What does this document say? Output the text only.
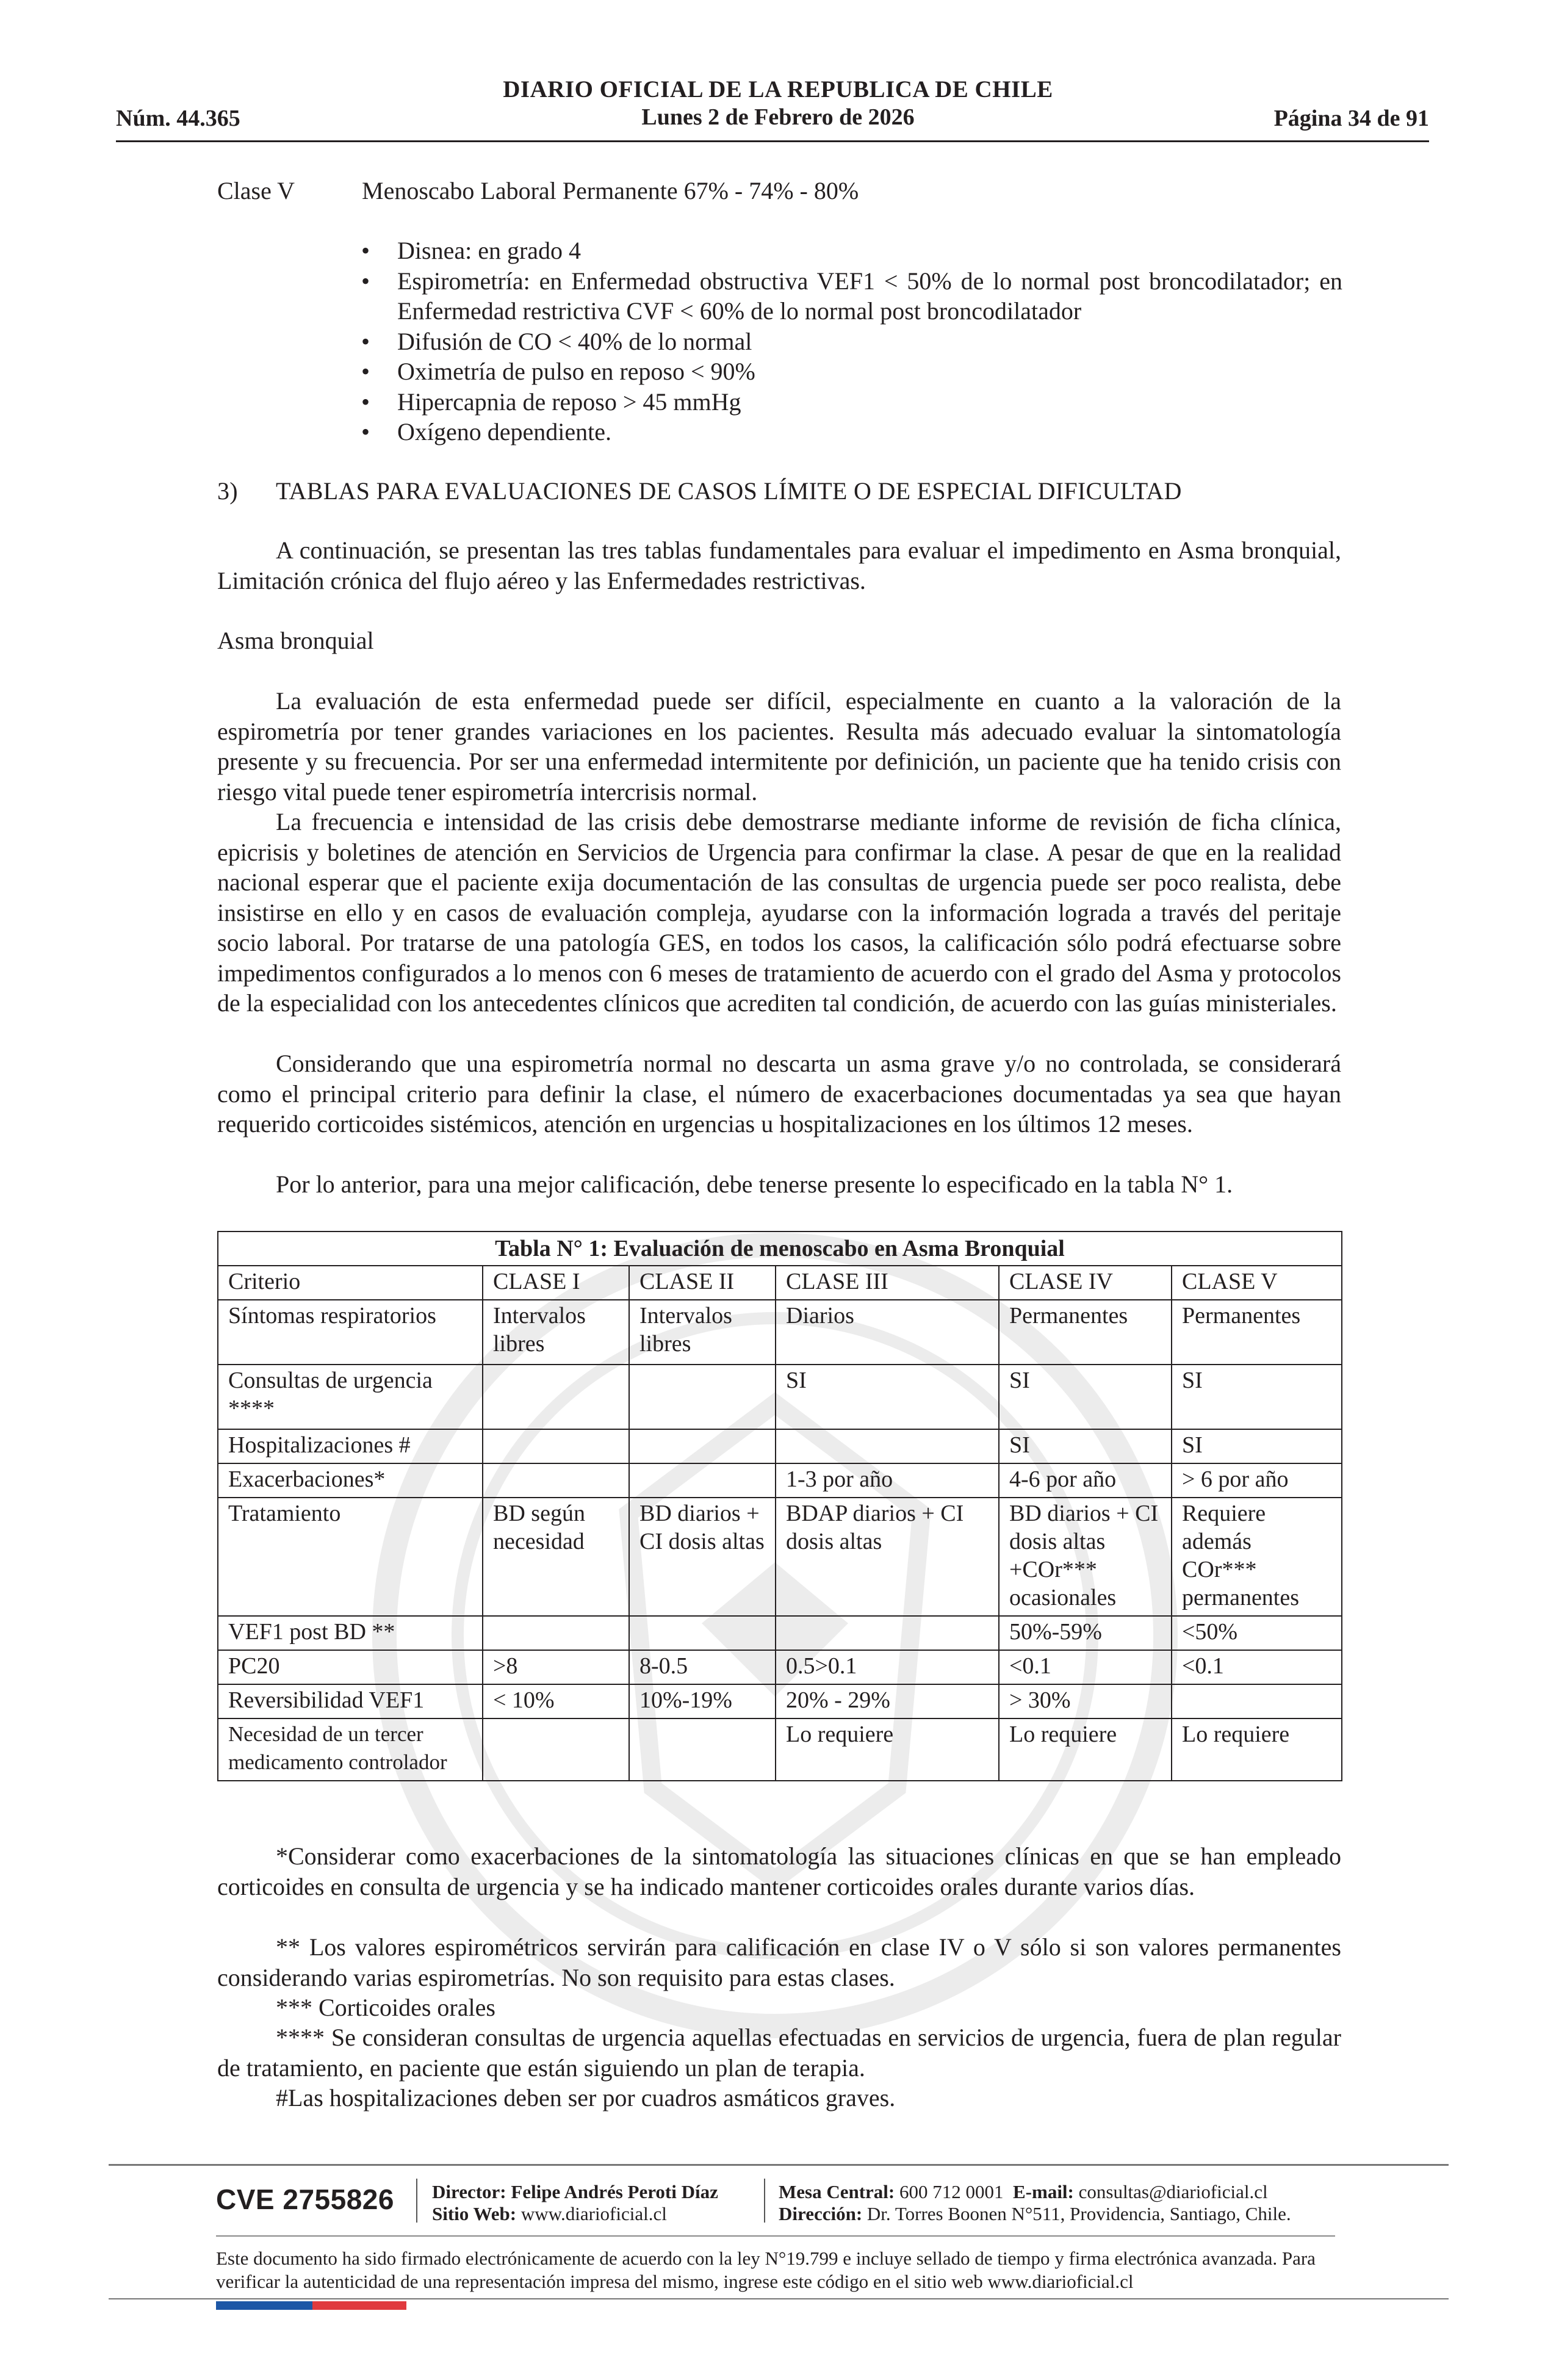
DIARIO OFICIAL DE LA REPUBLICA DE CHILE
Núm. 44.365	Lunes 2 de Febrero de 2026	Página 34 de 91
Clase V	Menoscabo Laboral Permanente 67% - 74% - 80%
• Disnea: en grado 4
• Espirometría: en Enfermedad obstructiva VEF1 < 50% de lo normal post broncodilatador; en Enfermedad restrictiva CVF < 60% de lo normal post broncodilatador
• Difusión de CO < 40% de lo normal
• Oximetría de pulso en reposo < 90%
• Hipercapnia de reposo > 45 mmHg
• Oxígeno dependiente.
3) TABLAS PARA EVALUACIONES DE CASOS LÍMITE O DE ESPECIAL DIFICULTAD

A continuación, se presentan las tres tablas fundamentales para evaluar el impedimento en Asma bronquial, Limitación crónica del flujo aéreo y las Enfermedades restrictivas.

Asma bronquial

La evaluación de esta enfermedad puede ser difícil, especialmente en cuanto a la valoración de la espirometría por tener grandes variaciones en los pacientes. Resulta más adecuado evaluar la sintomatología presente y su frecuencia. Por ser una enfermedad intermitente por definición, un paciente que ha tenido crisis con riesgo vital puede tener espirometría intercrisis normal.

La frecuencia e intensidad de las crisis debe demostrarse mediante informe de revisión de ficha clínica, epicrisis y boletines de atención en Servicios de Urgencia para confirmar la clase. A pesar de que en la realidad nacional esperar que el paciente exija documentación de las consultas de urgencia puede ser poco realista, debe insistirse en ello y en casos de evaluación compleja, ayudarse con la información lograda a través del peritaje socio laboral. Por tratarse de una patología GES, en todos los casos, la calificación sólo podrá efectuarse sobre impedimentos configurados a lo menos con 6 meses de tratamiento de acuerdo con el grado del Asma y protocolos de la especialidad con los antecedentes clínicos que acrediten tal condición, de acuerdo con las guías ministeriales.

Considerando que una espirometría normal no descarta un asma grave y/o no controlada, se considerará como el principal criterio para definir la clase, el número de exacerbaciones documentadas ya sea que hayan requerido corticoides sistémicos, atención en urgencias u hospitalizaciones en los últimos 12 meses.

Por lo anterior, para una mejor calificación, debe tenerse presente lo especificado en la tabla N° 1.

Tabla N° 1: Evaluación de menoscabo en Asma Bronquial					
Criterio	CLASE I	CLASE II	CLASE III	CLASE IV	CLASE V
Síntomas respiratorios	Intervalos libres	Intervalos libres	Diarios	Permanentes	Permanentes
Consultas de urgencia ****			SI	SI	SI
Hospitalizaciones #				SI	SI
Exacerbaciones*			1-3 por año	4-6 por año	> 6 por año
Tratamiento	BD según necesidad	BD diarios + CI dosis altas	BDAP diarios + CI dosis altas	BD diarios + CI dosis altas +COr*** ocasionales	Requiere además COr*** permanentes
VEF1 post BD **				50%-59%	<50%
PC20	>8	8-0.5	0.5>0.1	<0.1	<0.1
Reversibilidad VEF1	< 10%	10%-19%	20% - 29%	> 30%	
Necesidad de un tercer medicamento controlador			Lo requiere	Lo requiere	Lo requiere

*Considerar como exacerbaciones de la sintomatología las situaciones clínicas en que se han empleado corticoides en consulta de urgencia y se ha indicado mantener corticoides orales durante varios días.

** Los valores espirométricos servirán para calificación en clase IV o V sólo si son valores permanentes considerando varias espirometrías. No son requisito para estas clases.

*** Corticoides orales

**** Se consideran consultas de urgencia aquellas efectuadas en servicios de urgencia, fuera de plan regular de tratamiento, en paciente que están siguiendo un plan de terapia.

#Las hospitalizaciones deben ser por cuadros asmáticos graves.

CVE 2755826 Director: Felipe Andrés Peroti Díaz
Sitio Web: www.diarioficial.cl
Mesa Central: 600 712 0001 E-mail: consultas@diarioficial.cl
Dirección: Dr. Torres Boonen N°511, Providencia, Santiago, Chile.
Este documento ha sido firmado electrónicamente de acuerdo con la ley N°19.799 e incluye sellado de tiempo y firma electrónica avanzada. Para verificar la autenticidad de una representación impresa del mismo, ingrese este código en el sitio web www.diarioficial.cl
